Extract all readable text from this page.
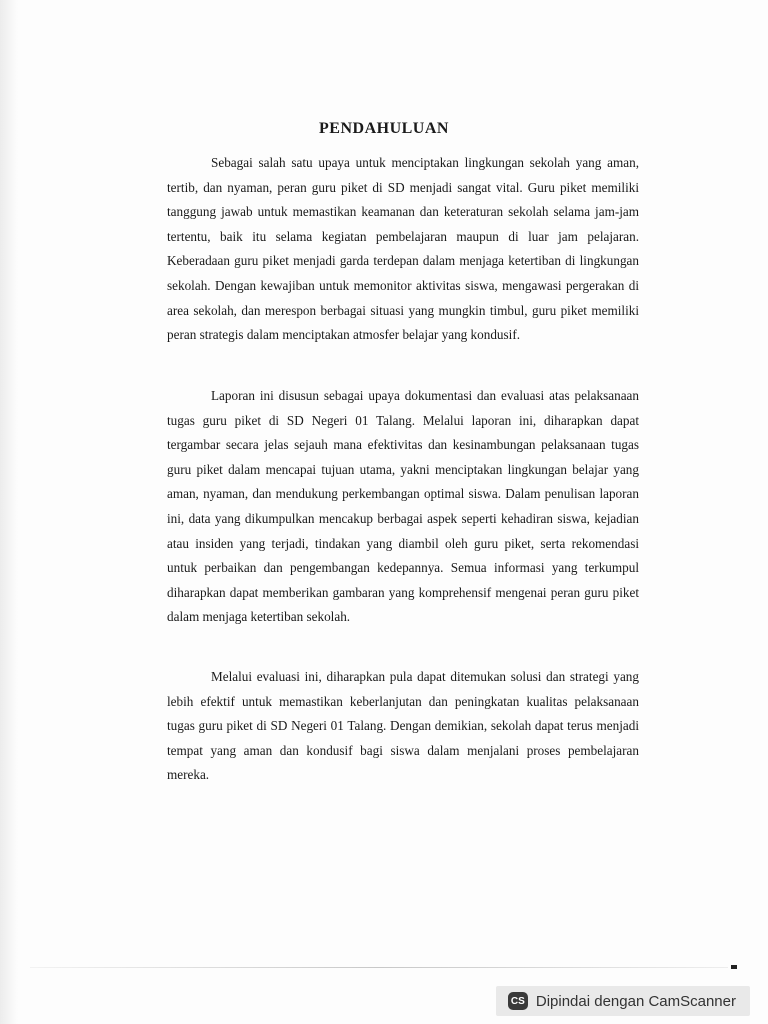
PENDAHULUAN

Sebagai salah satu upaya untuk menciptakan lingkungan sekolah yang aman, tertib, dan nyaman, peran guru piket di SD menjadi sangat vital. Guru piket memiliki tanggung jawab untuk memastikan keamanan dan keteraturan sekolah selama jam-jam tertentu, baik itu selama kegiatan pembelajaran maupun di luar jam pelajaran. Keberadaan guru piket menjadi garda terdepan dalam menjaga ketertiban di lingkungan sekolah. Dengan kewajiban untuk memonitor aktivitas siswa, mengawasi pergerakan di area sekolah, dan merespon berbagai situasi yang mungkin timbul, guru piket memiliki peran strategis dalam menciptakan atmosfer belajar yang kondusif.

Laporan ini disusun sebagai upaya dokumentasi dan evaluasi atas pelaksanaan tugas guru piket di SD Negeri 01 Talang. Melalui laporan ini, diharapkan dapat tergambar secara jelas sejauh mana efektivitas dan kesinambungan pelaksanaan tugas guru piket dalam mencapai tujuan utama, yakni menciptakan lingkungan belajar yang aman, nyaman, dan mendukung perkembangan optimal siswa. Dalam penulisan laporan ini, data yang dikumpulkan mencakup berbagai aspek seperti kehadiran siswa, kejadian atau insiden yang terjadi, tindakan yang diambil oleh guru piket, serta rekomendasi untuk perbaikan dan pengembangan kedepannya. Semua informasi yang terkumpul diharapkan dapat memberikan gambaran yang komprehensif mengenai peran guru piket dalam menjaga ketertiban sekolah.

Melalui evaluasi ini, diharapkan pula dapat ditemukan solusi dan strategi yang lebih efektif untuk memastikan keberlanjutan dan peningkatan kualitas pelaksanaan tugas guru piket di SD Negeri 01 Talang. Dengan demikian, sekolah dapat terus menjadi tempat yang aman dan kondusif bagi siswa dalam menjalani proses pembelajaran mereka.

CS Dipindai dengan CamScanner
